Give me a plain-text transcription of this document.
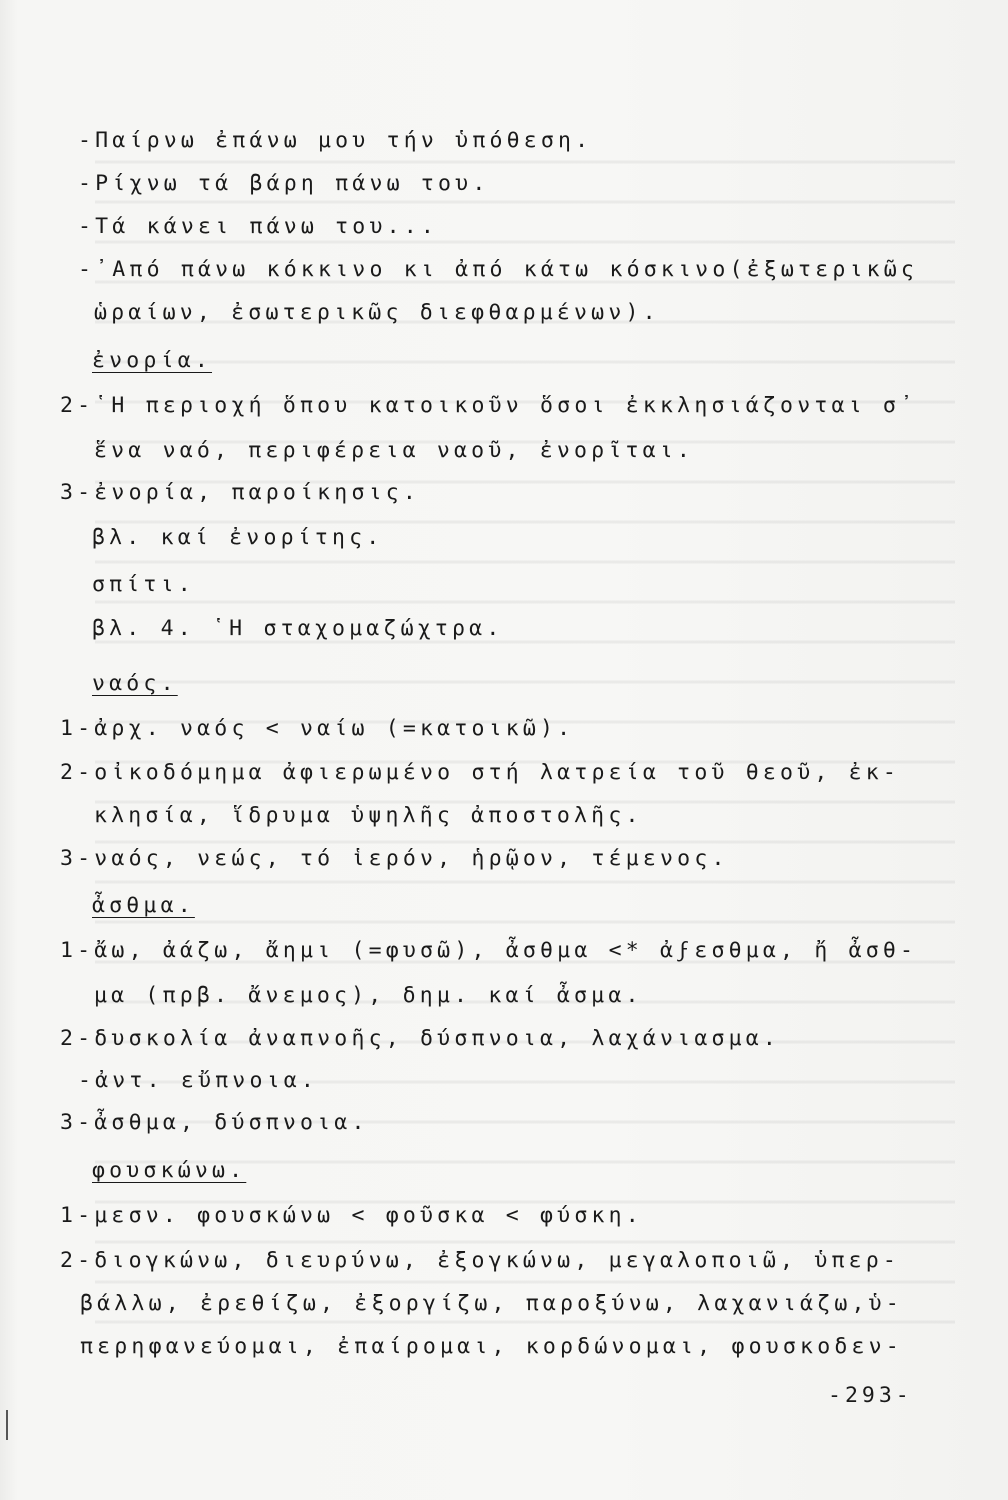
-Παίρνω ἐπάνω μου τήν ὑπόθεση.
-Ρίχνω τά βάρη πάνω του.
-Τά κάνει πάνω του...
-᾿Από πάνω κόκκινο κι ἀπό κάτω κόσκινο(ἐξωτερικῶς
ὡραίων, ἐσωτερικῶς διεφθαρμένων).
ἐνορία.
2-῾Η περιοχή ὅπου κατοικοῦν ὅσοι ἐκκλησιάζονται σ᾿
ἕνα ναό, περιφέρεια ναοῦ, ἐνορῖται.
3-ἐνορία, παροίκησις.
βλ. καί ἐνορίτης.
σπίτι.
βλ. 4. ῾Η σταχομαζώχτρα.
ναός.
1-ἀρχ. ναός < ναίω (=κατοικῶ).
2-οἰκοδόμημα ἀφιερωμένο στή λατρεία τοῦ θεοῦ, ἐκ-
κλησία, ἵδρυμα ὑψηλῆς ἀποστολῆς.
3-ναός, νεώς, τό ἱερόν, ἡρῷον, τέμενος.
ἆσθμα.
1-ἄω, ἀάζω, ἄημι (=φυσῶ), ἆσθμα <* ἀϝεσθμα, ἤ ἆσθ-
μα (πρβ. ἄνεμος), δημ. καί ἆσμα.
2-δυσκολία ἀναπνοῆς, δύσπνοια, λαχάνιασμα.
-ἀντ. εὔπνοια.
3-ἆσθμα, δύσπνοια.
φουσκώνω.
1-μεσν. φουσκώνω < φοῦσκα < φύσκη.
2-διογκώνω, διευρύνω, ἐξογκώνω, μεγαλοποιῶ, ὑπερ-
βάλλω, ἐρεθίζω, ἐξοργίζω, παροξύνω, λαχανιάζω,ὑ-
περηφανεύομαι, ἐπαίρομαι, κορδώνομαι, φουσκοδεν-
-293-
